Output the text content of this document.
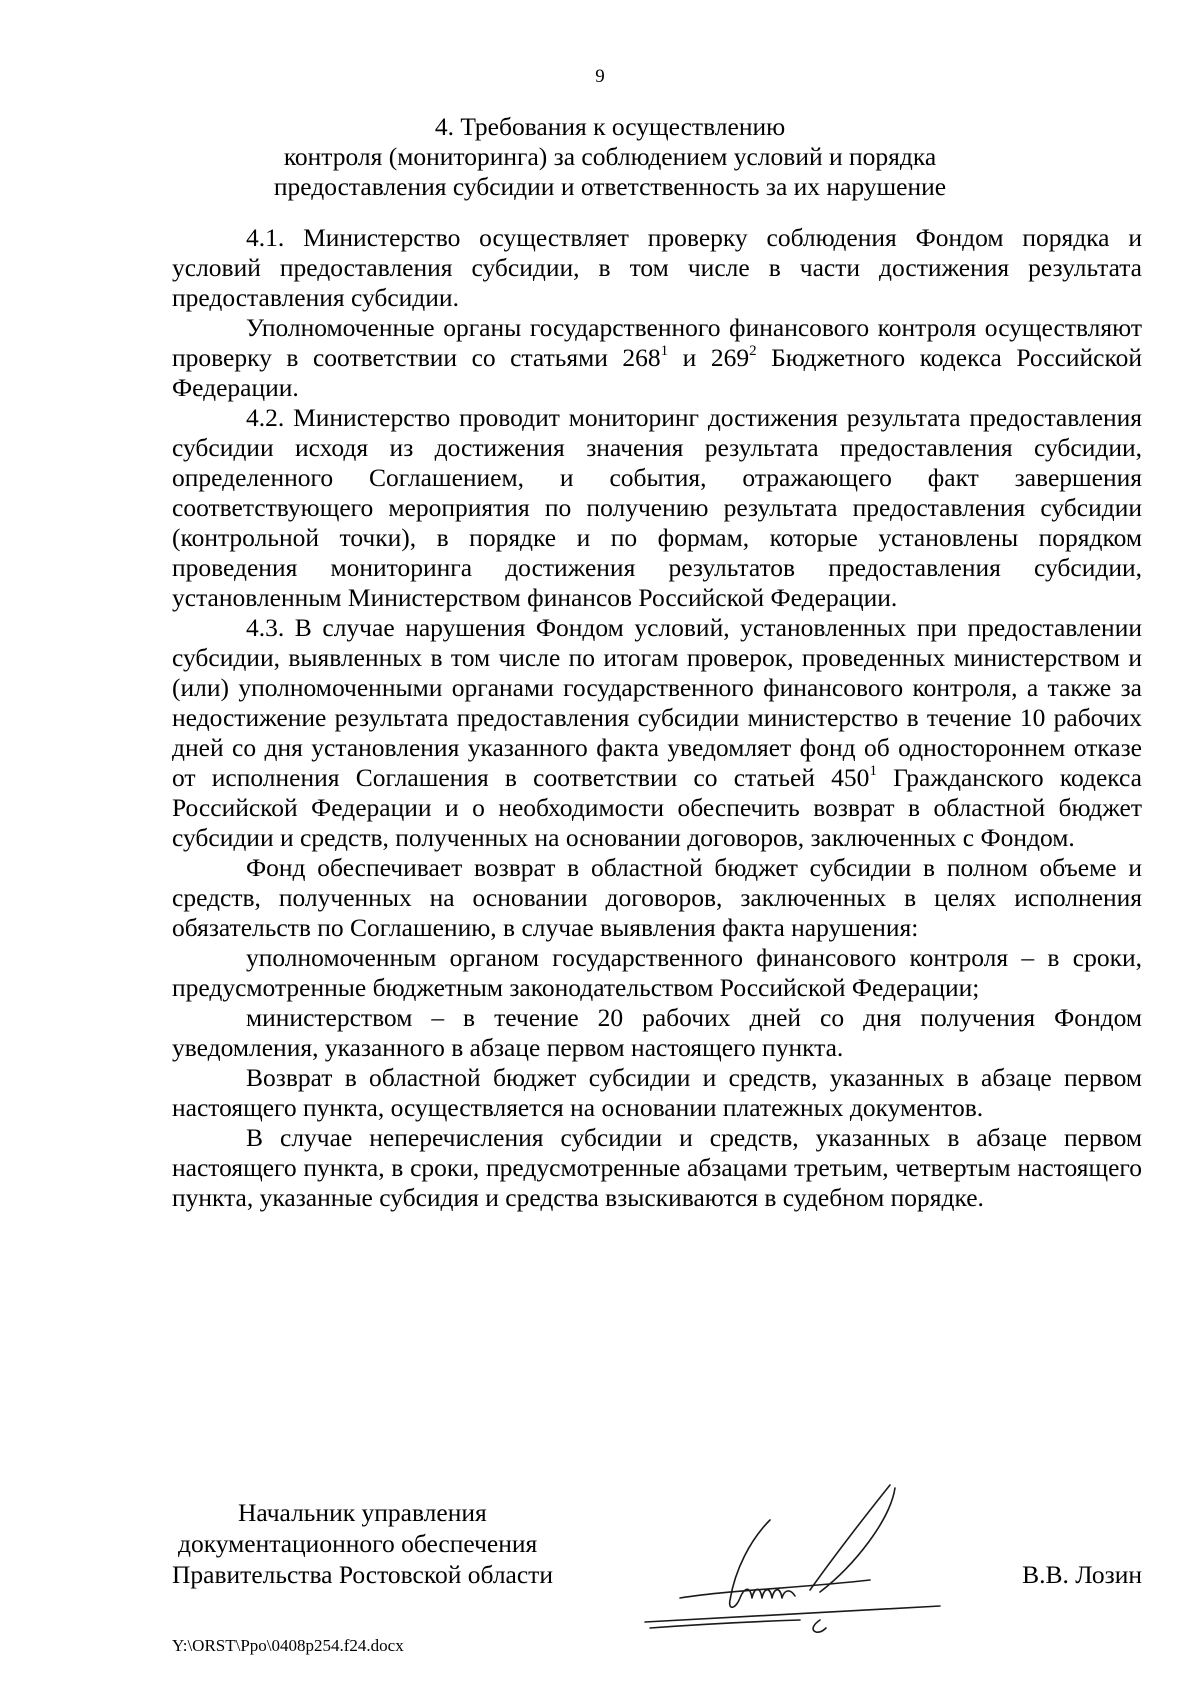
9
4. Требования к осуществлению
контроля (мониторинга) за соблюдением условий и порядка
предоставления субсидии и ответственность за их нарушение

4.1. Министерство осуществляет проверку соблюдения Фондом порядка и условий предоставления субсидии, в том числе в части достижения результата предоставления субсидии.

Уполномоченные органы государственного финансового контроля осуществляют проверку в соответствии со статьями $268^1$ и $269^2$ Бюджетного кодекса Российской Федерации.

4.2. Министерство проводит мониторинг достижения результата предоставления субсидии исходя из достижения значения результата предоставления субсидии, определенного Соглашением, и события, отражающего факт завершения соответствующего мероприятия по получению результата предоставления субсидии (контрольной точки), в порядке и по формам, которые установлены порядком проведения мониторинга достижения результатов предоставления субсидии, установленным Министерством финансов Российской Федерации.

4.3. В случае нарушения Фондом условий, установленных при предоставлении субсидии, выявленных в том числе по итогам проверок, проведенных министерством и (или) уполномоченными органами государственного финансового контроля, а также за недостижение результата предоставления субсидии министерство в течение 10 рабочих дней со дня установления указанного факта уведомляет фонд об одностороннем отказе от исполнения Соглашения в соответствии со статьей $450^1$ Гражданского кодекса Российской Федерации и о необходимости обеспечить возврат в областной бюджет субсидии и средств, полученных на основании договоров, заключенных с Фондом.

Фонд обеспечивает возврат в областной бюджет субсидии в полном объеме и средств, полученных на основании договоров, заключенных в целях исполнения обязательств по Соглашению, в случае выявления факта нарушения:

уполномоченным органом государственного финансового контроля – в сроки, предусмотренные бюджетным законодательством Российской Федерации;

министерством – в течение 20 рабочих дней со дня получения Фондом уведомления, указанного в абзаце первом настоящего пункта.

Возврат в областной бюджет субсидии и средств, указанных в абзаце первом настоящего пункта, осуществляется на основании платежных документов.

В случае неперечисления субсидии и средств, указанных в абзаце первом настоящего пункта, в сроки, предусмотренные абзацами третьим, четвертым настоящего пункта, указанные субсидия и средства взыскиваются в судебном порядке.

Начальник управления
документационного обеспечения
Правительства Ростовской области	В.В. Лозин
Y:\ORST\Ppo\0408p254.f24.docx
